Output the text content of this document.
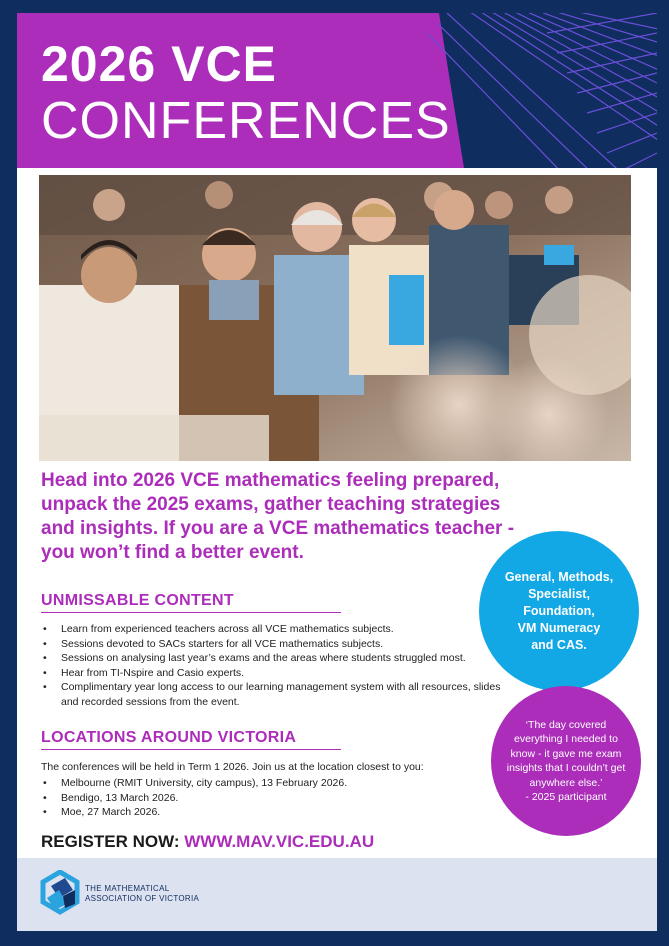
2026 VCE
CONFERENCES
Head into 2026 VCE mathematics feeling prepared, unpack the 2025 exams, gather teaching strategies and insights. If you are a VCE mathematics teacher - you won’t find a better event.
UNMISSABLE CONTENT
• Learn from experienced teachers across all VCE mathematics subjects.
• Sessions devoted to SACs starters for all VCE mathematics subjects.
• Sessions on analysing last year’s exams and the areas where students struggled most.
• Hear from TI-Nspire and Casio experts.
• Complimentary year long access to our learning management system with all resources, slides and recorded sessions from the event.
LOCATIONS AROUND VICTORIA
The conferences will be held in Term 1 2026. Join us at the location closest to you:
• Melbourne (RMIT University, city campus), 13 February 2026.
• Bendigo, 13 March 2026.
• Moe, 27 March 2026.
REGISTER NOW: WWW.MAV.VIC.EDU.AU
General, Methods,
Specialist,
Foundation,
VM Numeracy
and CAS.
‘The day covered everything I needed to know - it gave me exam insights that I couldn’t get anywhere else.’
- 2025 participant
THE MATHEMATICAL
ASSOCIATION OF VICTORIA
